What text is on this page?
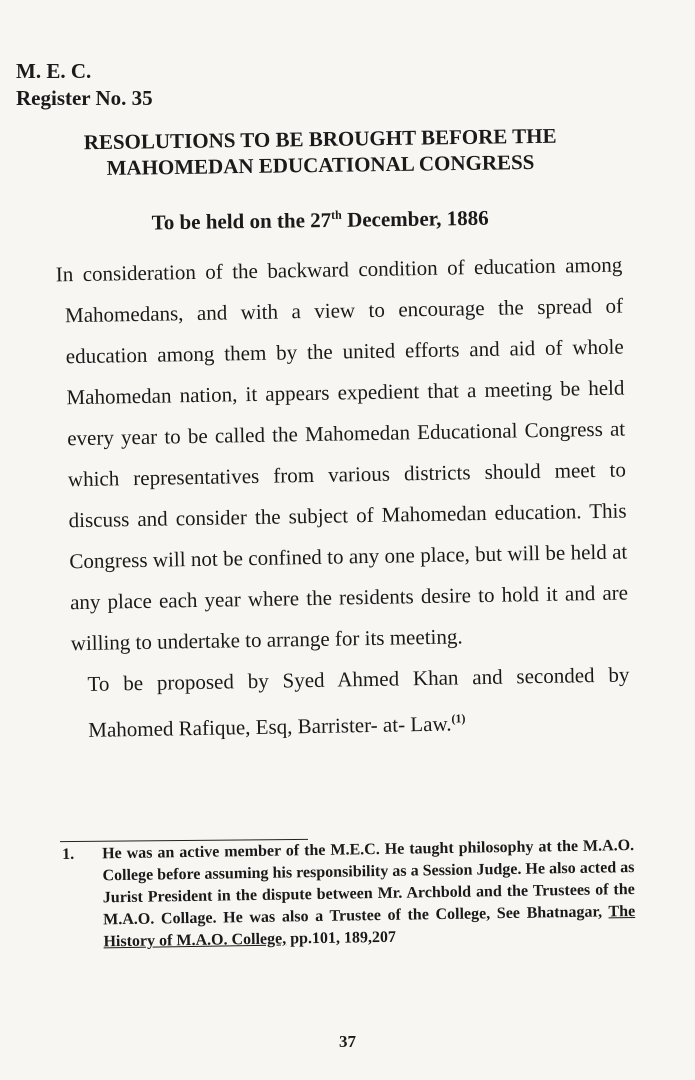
M. E. C.
Register No. 35
RESOLUTIONS TO BE BROUGHT BEFORE THE
MAHOMEDAN EDUCATIONAL CONGRESS
To be held on the 27th December, 1886

In consideration of the backward condition of education among Mahomedans, and with a view to encourage the spread of education among them by the united efforts and aid of whole Mahomedan nation, it appears expedient that a meeting be held every year to be called the Mahomedan Educational Congress at which representatives from various districts should meet to discuss and consider the subject of Mahomedan education. This Congress will not be confined to any one place, but will be held at any place each year where the residents desire to hold it and are willing to undertake to arrange for its meeting.

To be proposed by Syed Ahmed Khan and seconded by Mahomed Rafique, Esq, Barrister- at- Law.$^{(1)}$

1.	He was an active member of the M.E.C. He taught philosophy at the M.A.O. College before assuming his responsibility as a Session Judge. He also acted as Jurist President in the dispute between Mr. Archbold and the Trustees of the M.A.O. Collage. He was also a Trustee of the College, See Bhatnagar, The History of M.A.O. College, pp.101, 189,207
37
